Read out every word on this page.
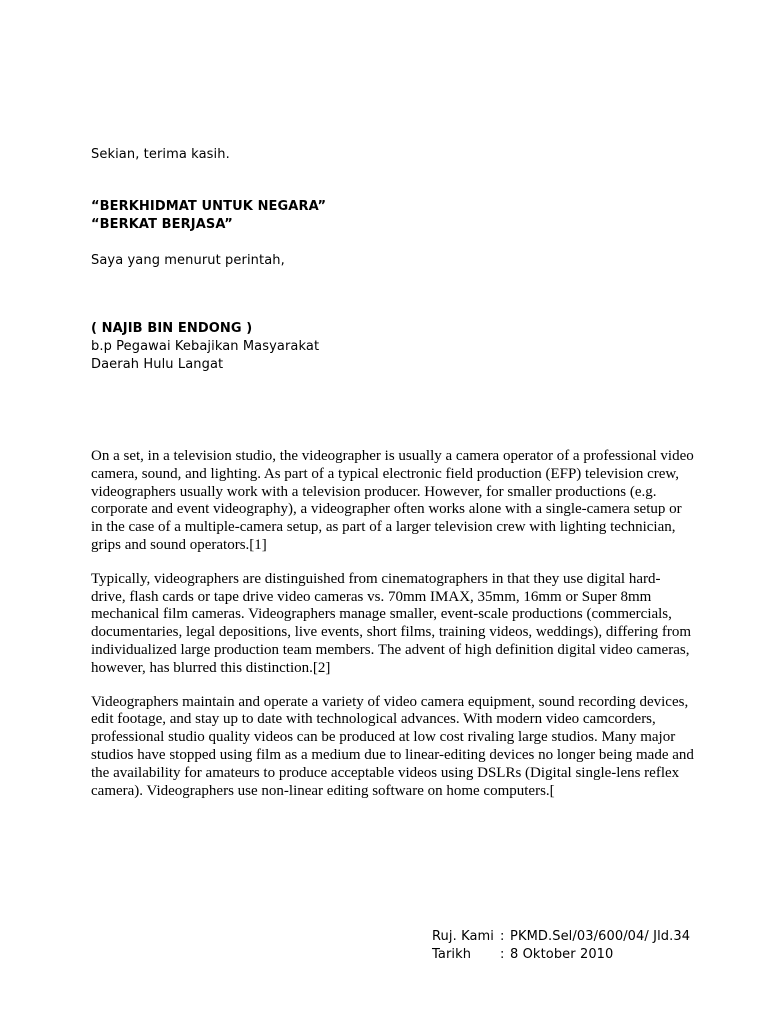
Sekian, terima kasih.
“BERKHIDMAT UNTUK NEGARA”
“BERKAT BERJASA”
Saya yang menurut perintah,
( NAJIB BIN ENDONG )
b.p Pegawai Kebajikan Masyarakat
Daerah Hulu Langat

On a set, in a television studio, the videographer is usually a camera operator of a professional video camera, sound, and lighting. As part of a typical electronic field production (EFP) television crew, videographers usually work with a television producer. However, for smaller productions (e.g. corporate and event videography), a videographer often works alone with a single-camera setup or in the case of a multiple-camera setup, as part of a larger television crew with lighting technician, grips and sound operators.[1]

Typically, videographers are distinguished from cinematographers in that they use digital hard-drive, flash cards or tape drive video cameras vs. 70mm IMAX, 35mm, 16mm or Super 8mm mechanical film cameras. Videographers manage smaller, event-scale productions (commercials, documentaries, legal depositions, live events, short films, training videos, weddings), differing from individualized large production team members. The advent of high definition digital video cameras, however, has blurred this distinction.[2]

Videographers maintain and operate a variety of video camera equipment, sound recording devices, edit footage, and stay up to date with technological advances. With modern video camcorders, professional studio quality videos can be produced at low cost rivaling large studios. Many major studios have stopped using film as a medium due to linear-editing devices no longer being made and the availability for amateurs to produce acceptable videos using DSLRs (Digital single-lens reflex camera). Videographers use non-linear editing software on home computers.[

Ruj. Kami : PKMD.Sel/03/600/04/ Jld.34
Tarikh	: 8 Oktober 2010
